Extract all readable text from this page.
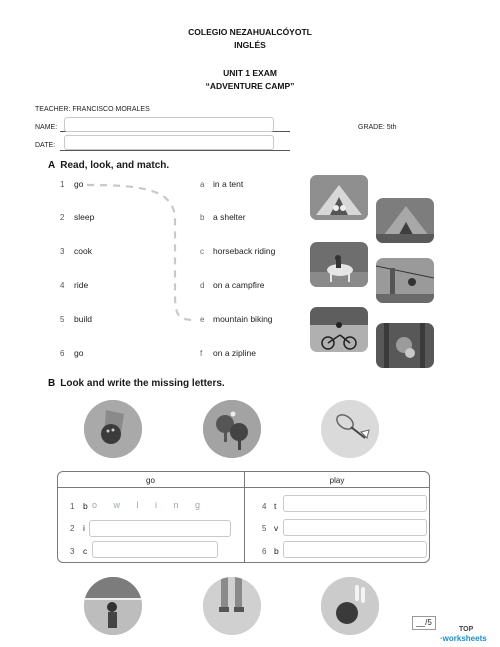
COLEGIO NEZAHUALCÓYOTL
INGLÉS
UNIT 1 EXAM
“ADVENTURE CAMP”
TEACHER: FRANCISCO MORALES
NAME:	GRADE: 5th
DATE:
A Read, look, and match.
1 go	a in a tent
2 sleep	b a shelter
3 cook	c horseback riding
4 ride	d on a campfire
5 build	e mountain biking
6 go	f on a zipline
B Look and write the missing letters.
go	play
1 b o w l i n g
2 i
3 c
4 t
5 v
6 b
__/5
TOP
·worksheets
